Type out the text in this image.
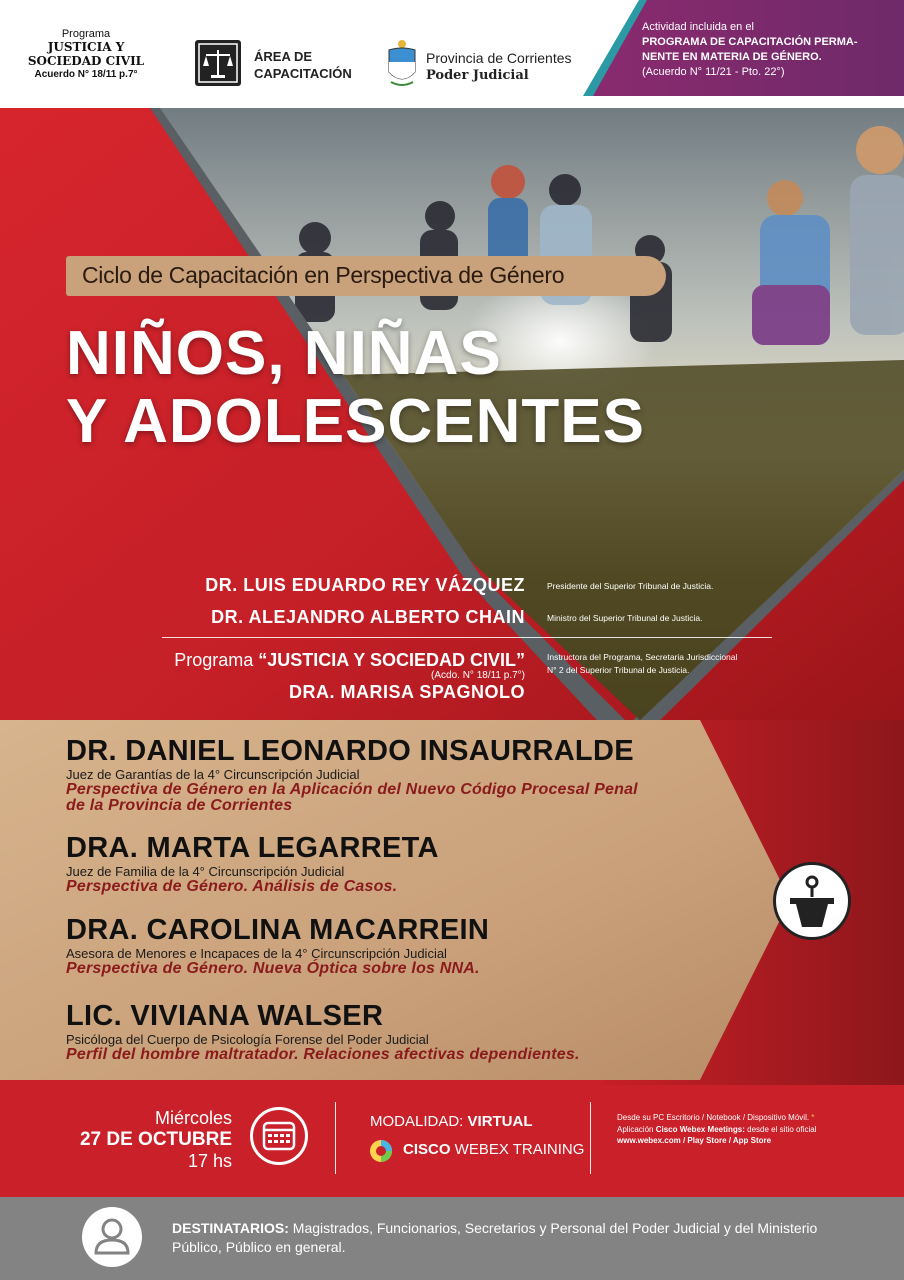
Programa
JUSTICIA Y
SOCIEDAD CIVIL
Acuerdo N° 18/11 p.7°
ÁREA DE
CAPACITACIÓN
Provincia de Corrientes
Poder Judicial
Actividad incluida en el
PROGRAMA DE CAPACITACIÓN PERMA-
NENTE EN MATERIA DE GÉNERO.
(Acuerdo N° 11/21 - Pto. 22°)
Ciclo de Capacitación en Perspectiva de Género
NIÑOS, NIÑAS
Y ADOLESCENTES
DR. LUIS EDUARDO REY VÁZQUEZ	Presidente del Superior Tribunal de Justicia.
DR. ALEJANDRO ALBERTO CHAIN	Ministro del Superior Tribunal de Justicia.
Programa “JUSTICIA Y SOCIEDAD CIVIL”
(Acdo. N° 18/11 p.7°)
DRA. MARISA SPAGNOLO
Instructora del Programa, Secretaria Jurisdiccional
N° 2 del Superior Tribunal de Justicia.
DR. DANIEL LEONARDO INSAURRALDE
Juez de Garantías de la 4° Circunscripción Judicial
Perspectiva de Género en la Aplicación del Nuevo Código Procesal Penal
de la Provincia de Corrientes
DRA. MARTA LEGARRETA
Juez de Familia de la 4° Circunscripción Judicial
Perspectiva de Género. Análisis de Casos.
DRA. CAROLINA MACARREIN
Asesora de Menores e Incapaces de la 4° Circunscripción Judicial
Perspectiva de Género. Nueva Óptica sobre los NNA.
LIC. VIVIANA WALSER
Psicóloga del Cuerpo de Psicología Forense del Poder Judicial
Perfil del hombre maltratador. Relaciones afectivas dependientes.
Miércoles
27 DE OCTUBRE
17 hs
MODALIDAD: VIRTUAL
CISCO WEBEX TRAINING
Desde su PC Escritorio / Notebook / Dispositivo Móvil. *
Aplicación Cisco Webex Meetings: desde el sitio oficial
www.webex.com / Play Store / App Store
DESTINATARIOS: Magistrados, Funcionarios, Secretarios y Personal del Poder Judicial y del Ministerio Público, Público en general.
